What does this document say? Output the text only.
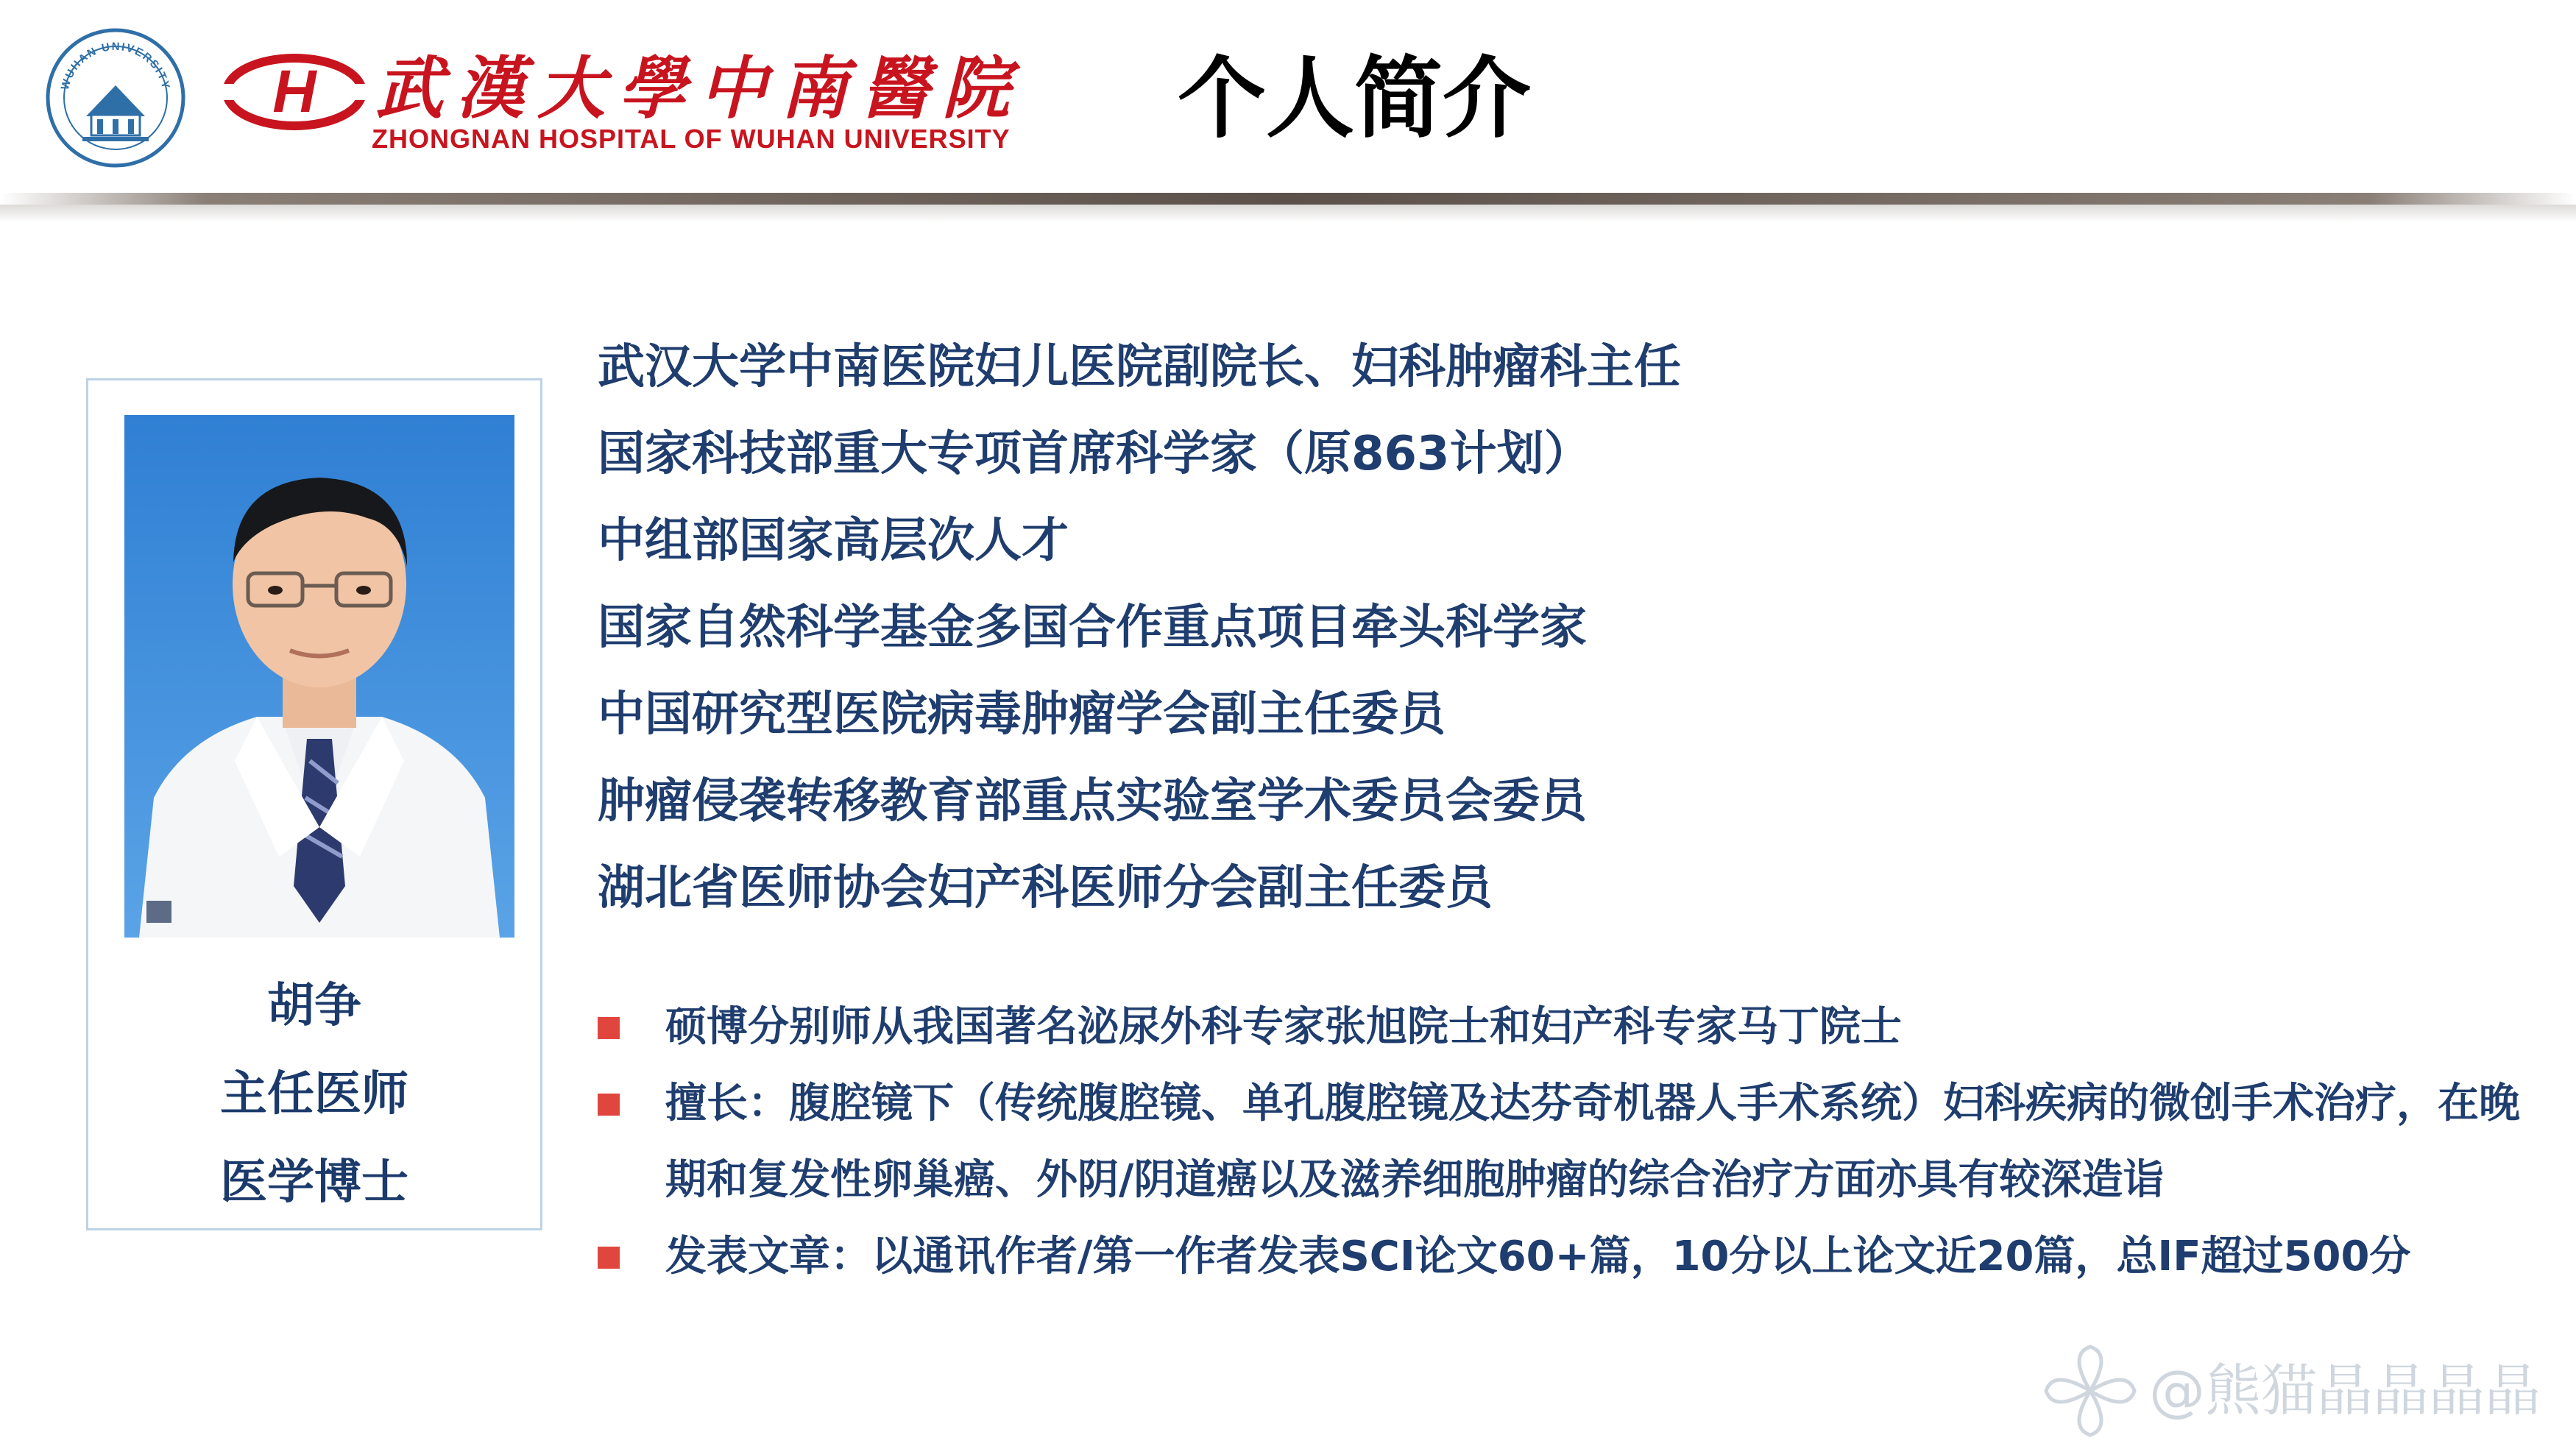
WUHAN UNIVERSITY H 武漢大學中南醫院
ZHONGNAN HOSPITAL OF WUHAN UNIVERSITY 个人简介
胡争
主任医师
医学博士
武汉大学中南医院妇儿医院副院长、妇科肿瘤科主任
国家科技部重大专项首席科学家（原863计划）
中组部国家高层次人才
国家自然科学基金多国合作重点项目牵头科学家
中国研究型医院病毒肿瘤学会副主任委员
肿瘤侵袭转移教育部重点实验室学术委员会委员
湖北省医师协会妇产科医师分会副主任委员
硕博分别师从我国著名泌尿外科专家张旭院士和妇产科专家马丁院士
擅长：腹腔镜下（传统腹腔镜、单孔腹腔镜及达芬奇机器人手术系统）妇科疾病的微创手术治疗，在晚期和复发性卵巢癌、外阴/阴道癌以及滋养细胞肿瘤的综合治疗方面亦具有较深造诣
发表文章：以通讯作者/第一作者发表SCI论文60+篇，10分以上论文近20篇，总IF超过500分
@熊猫晶晶晶晶
